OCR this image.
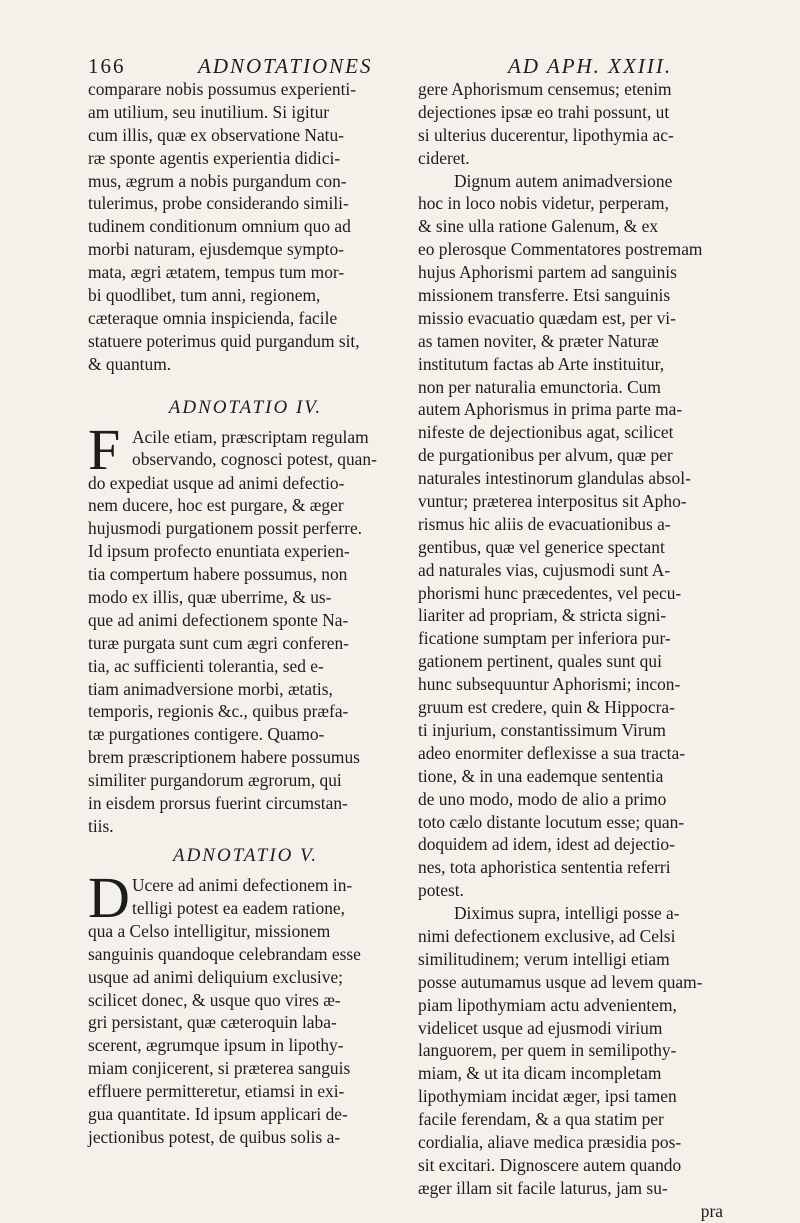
166	ADNOTATIONES	AD APH. XXIII.
comparare nobis possumus experienti-
am utilium, seu inutilium. Si igitur
cum illis, quæ ex observatione Natu-
ræ sponte agentis experientia didici-
mus, ægrum a nobis purgandum con-
tulerimus, probe considerando simili-
tudinem conditionum omnium quo ad
morbi naturam, ejusdemque sympto-
mata, ægri ætatem, tempus tum mor-
bi quodlibet, tum anni, regionem,
cæteraque omnia inspicienda, facile
statuere poterimus quid purgandum sit,
& quantum.
ADNOTATIO IV.
F Acile etiam, præscriptam regulam
observando, cognosci potest, quan-
do expediat usque ad animi defectio-
nem ducere, hoc est purgare, & æger
hujusmodi purgationem possit perferre.
Id ipsum profecto enuntiata experien-
tia compertum habere possumus, non
modo ex illis, quæ uberrime, & us-
que ad animi defectionem sponte Na-
turæ purgata sunt cum ægri conferen-
tia, ac sufficienti tolerantia, sed e-
tiam animadversione morbi, ætatis,
temporis, regionis &c., quibus præfa-
tæ purgationes contigere. Quamo-
brem præscriptionem habere possumus
similiter purgandorum ægrorum, qui
in eisdem prorsus fuerint circumstan-
tiis.
ADNOTATIO V.
D Ucere ad animi defectionem in-
telligi potest ea eadem ratione,
qua a Celso intelligitur, missionem
sanguinis quandoque celebrandam esse
usque ad animi deliquium exclusive;
scilicet donec, & usque quo vires æ-
gri persistant, quæ cæteroquin laba-
scerent, ægrumque ipsum in lipothy-
miam conjicerent, si præterea sanguis
effluere permitteretur, etiamsi in exi-
gua quantitate. Id ipsum applicari de-
jectionibus potest, de quibus solis a-
gere Aphorismum censemus; etenim
dejectiones ipsæ eo trahi possunt, ut
si ulterius ducerentur, lipothymia ac-
cideret.
Dignum autem animadversione
hoc in loco nobis videtur, perperam,
& sine ulla ratione Galenum, & ex
eo plerosque Commentatores postremam
hujus Aphorismi partem ad sanguinis
missionem transferre. Etsi sanguinis
missio evacuatio quædam est, per vi-
as tamen noviter, & præter Naturæ
institutum factas ab Arte instituitur,
non per naturalia emunctoria. Cum
autem Aphorismus in prima parte ma-
nifeste de dejectionibus agat, scilicet
de purgationibus per alvum, quæ per
naturales intestinorum glandulas absol-
vuntur; præterea interpositus sit Apho-
rismus hic aliis de evacuationibus a-
gentibus, quæ vel generice spectant
ad naturales vias, cujusmodi sunt A-
phorismi hunc præcedentes, vel pecu-
liariter ad propriam, & stricta signi-
ficatione sumptam per inferiora pur-
gationem pertinent, quales sunt qui
hunc subsequuntur Aphorismi; incon-
gruum est credere, quin & Hippocra-
ti injurium, constantissimum Virum
adeo enormiter deflexisse a sua tracta-
tione, & in una eademque sententia
de uno modo, modo de alio a primo
toto cælo distante locutum esse; quan-
doquidem ad idem, idest ad dejectio-
nes, tota aphoristica sententia referri
potest.
Diximus supra, intelligi posse a-
nimi defectionem exclusive, ad Celsi
similitudinem; verum intelligi etiam
posse autumamus usque ad levem quam-
piam lipothymiam actu advenientem,
videlicet usque ad ejusmodi virium
languorem, per quem in semilipothy-
miam, & ut ita dicam incompletam
lipothymiam incidat æger, ipsi tamen
facile ferendam, & a qua statim per
cordialia, aliave medica præsidia pos-
sit excitari. Dignoscere autem quando
æger illam sit facile laturus, jam su-
pra
